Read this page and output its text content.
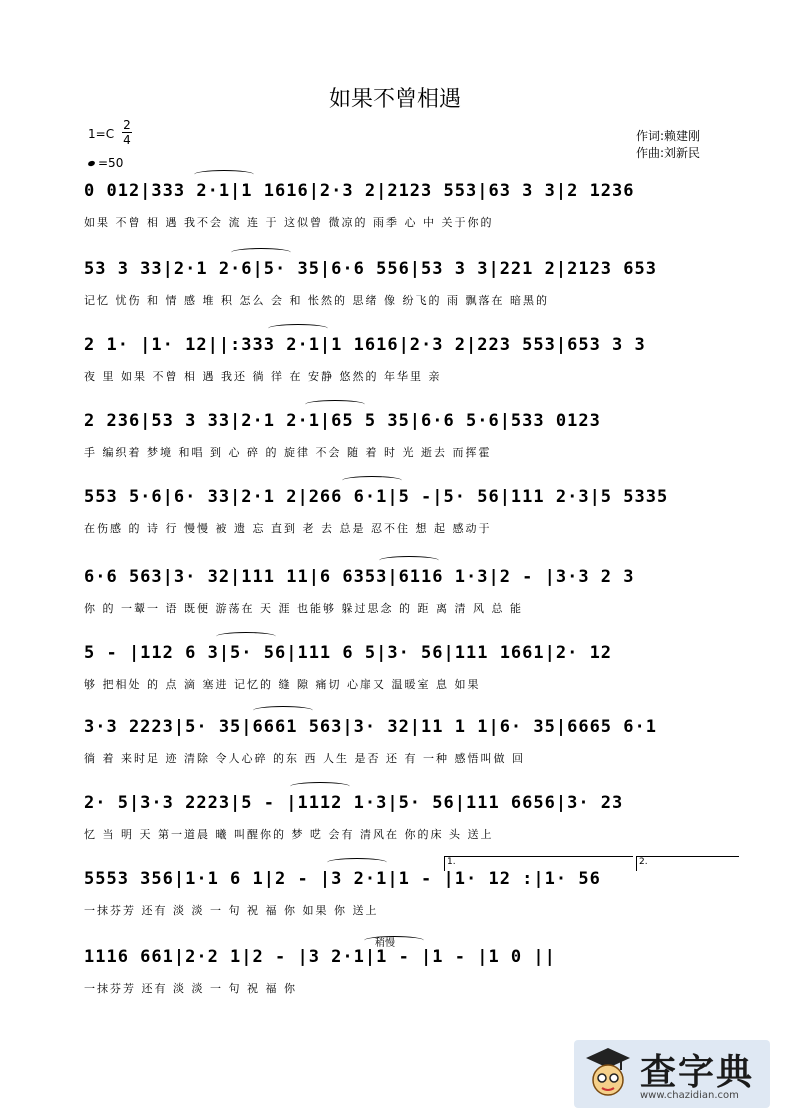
如果不曾相遇
1=C
2
4
=50
作词:赖建刚
作曲:刘新民
0 012|333 2·1|1 1616|2·3 2|2123 553|63 3 3|2 1236
如果 不曾 相 遇 我不会 流 连 于 这似曾 微凉的 雨季 心 中 关于你的
53 3 33|2·1 2·6|5· 35|6·6 556|53 3 3|221 2|2123 653
记忆 忧伤 和 情 感 堆 积 怎么 会 和 怅然的 思绪 像 纷飞的 雨 飘落在 暗黑的
2 1· |1· 12||:333 2·1|1 1616|2·3 2|223 553|653 3 3
夜 里 如果 不曾 相 遇 我还 徜 徉 在 安静 悠然的 年华里 亲
2 236|53 3 33|2·1 2·1|65 5 35|6·6 5·6|533 0123
手 编织着 梦境 和唱 到 心 碎 的 旋律 不会 随 着 时 光 逝去 而挥霍
553 5·6|6· 33|2·1 2|266 6·1|5 -|5· 56|111 2·3|5 5335
在伤感 的 诗 行 慢慢 被 遗 忘 直到 老 去 总是 忍不住 想 起 感动于
6·6 563|3· 32|111 11|6 6353|6116 1·3|2 - |3·3 2 3
你 的 一颦一 语 既便 游荡在 天 涯 也能够 躲过思念 的 距 离 清 风 总 能
5 - |112 6 3|5· 56|111 6 5|3· 56|111 1661|2· 12
够 把相处 的 点 滴 塞进 记忆的 缝 隙 痛切 心扉又 温暖室 息 如果
3·3 2223|5· 35|6661 563|3· 32|11 1 1|6· 35|6665 6·1
徜 着 来时足 迹 清除 令人心碎 的东 西 人生 是否 还 有 一种 感悟叫做 回
2· 5|3·3 2223|5 - |1112 1·3|5· 56|111 6656|3· 23
忆 当 明 天 第一道晨 曦 叫醒你的 梦 呓 会有 清风在 你的床 头 送上
5553 356|1·1 6 1|2 - |3 2·1|1 - |1· 12 :|1· 56
一抹芬芳 还有 淡 淡 一 句 祝 福 你 如果 你 送上
1116 661|2·2 1|2 - |3 2·1|1 - |1 - |1 0 ||
一抹芬芳 还有 淡 淡 一 句 祝 福 你
稍慢
1.	2.
查字典
www.chazidian.com
